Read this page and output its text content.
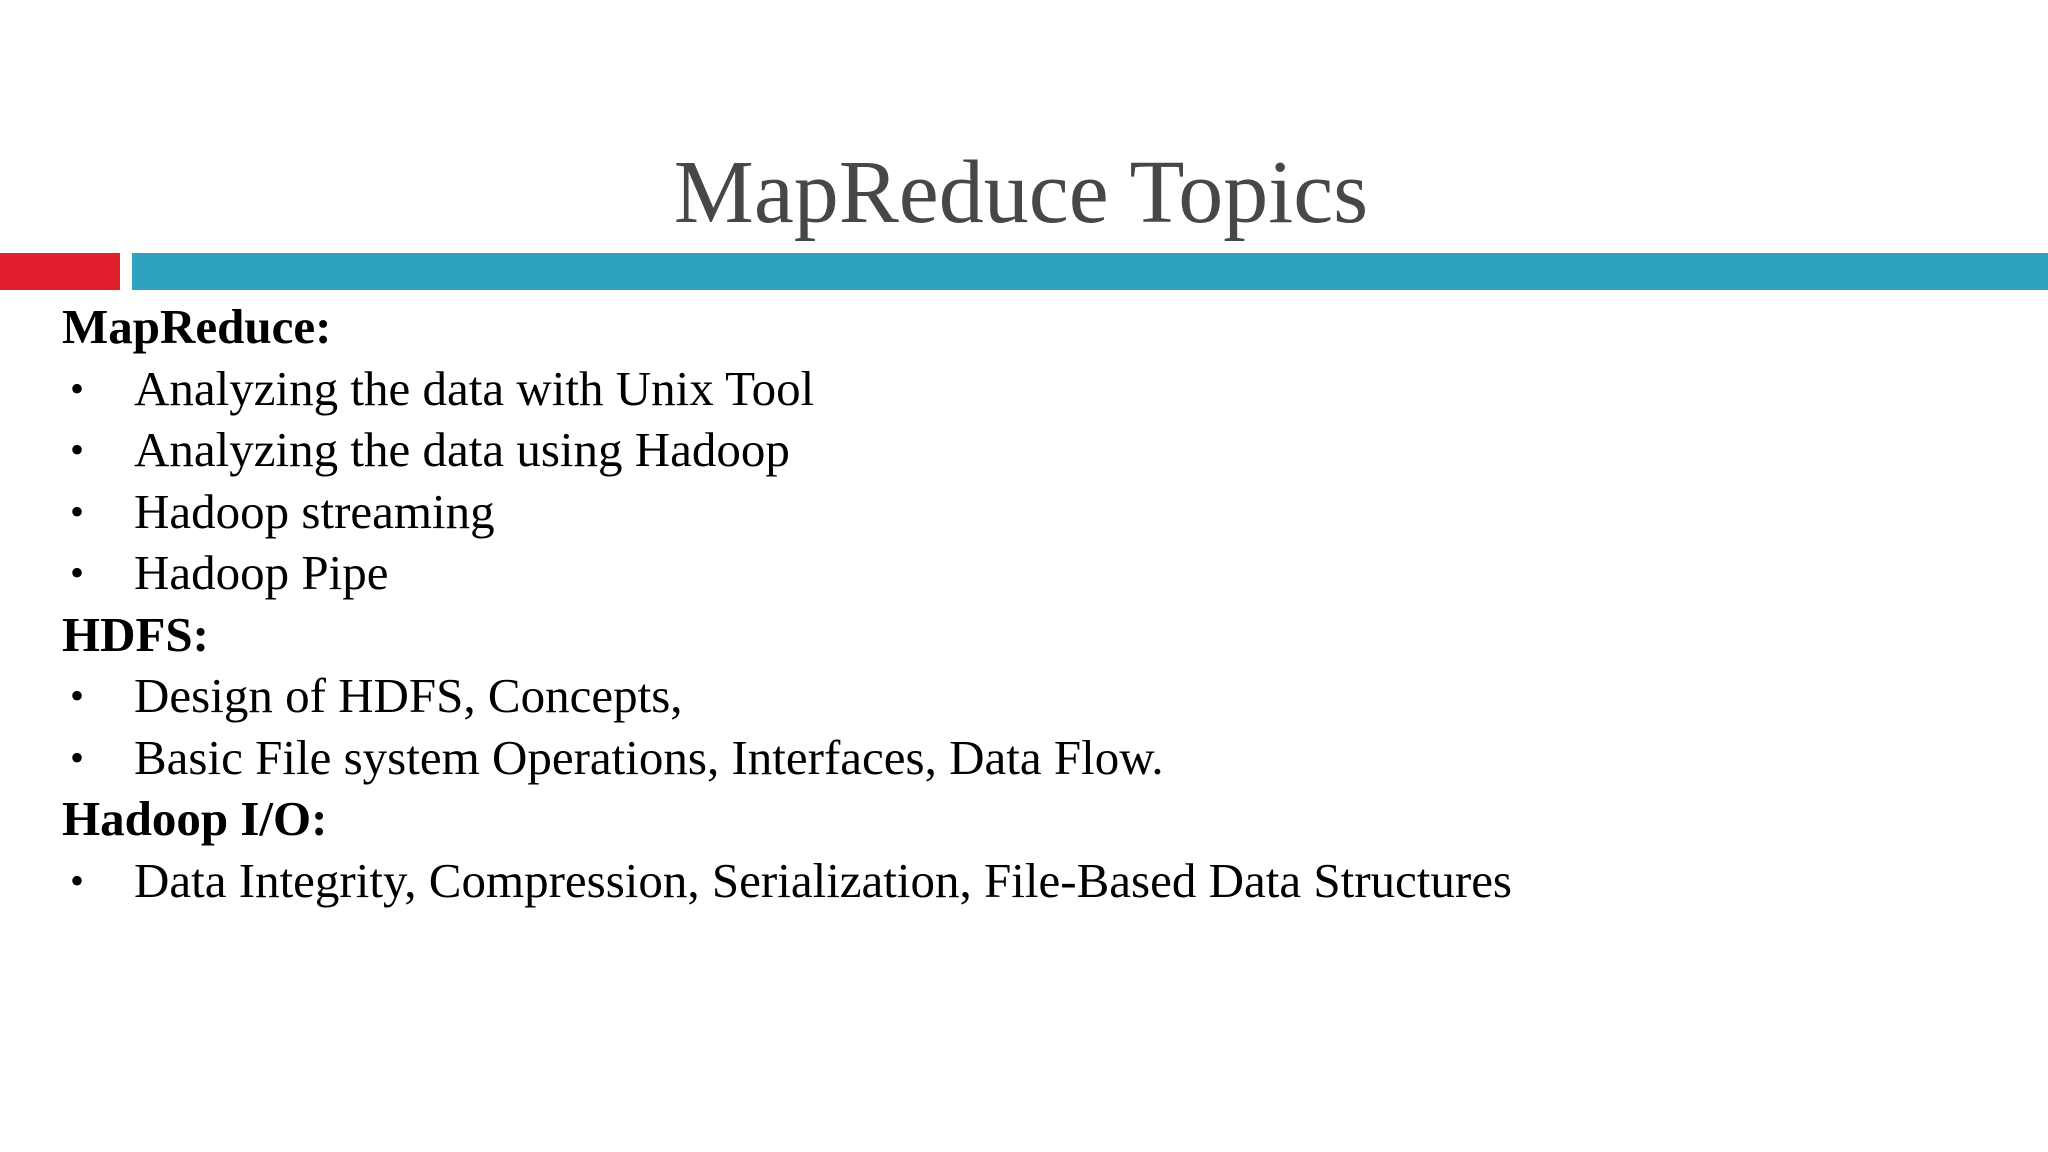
MapReduce Topics
MapReduce:
• Analyzing the data with Unix Tool
• Analyzing the data using Hadoop
• Hadoop streaming
• Hadoop Pipe
HDFS:
• Design of HDFS, Concepts,
• Basic File system Operations, Interfaces, Data Flow.
Hadoop I/O:
• Data Integrity, Compression, Serialization, File-Based Data Structures
